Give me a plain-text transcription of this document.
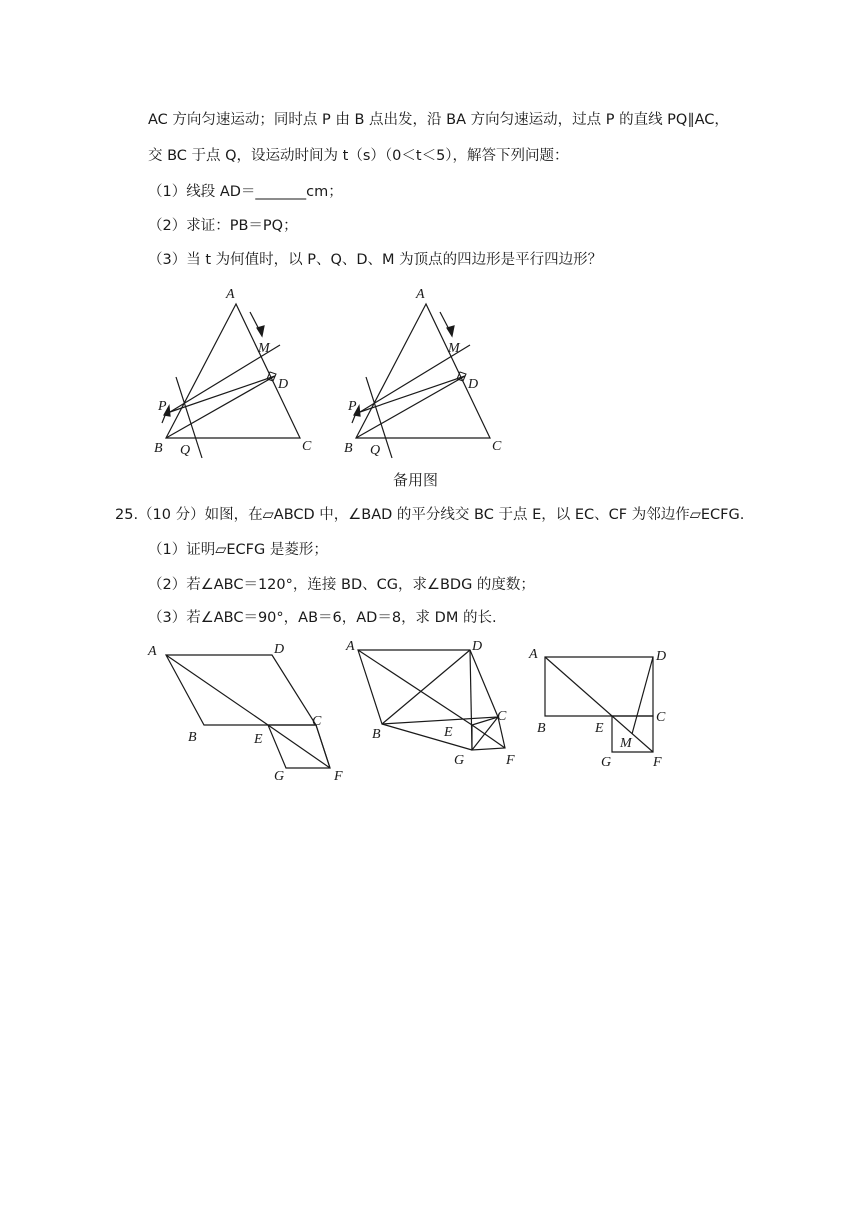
AC 方向匀速运动；同时点 P 由 B 点出发，沿 BA 方向匀速运动，过点 P 的直线 PQ∥AC，
交 BC 于点 Q，设运动时间为 t（s）（0＜t＜5），解答下列问题：
（1）线段 AD＝_______cm；
（2）求证：PB＝PQ；
（3）当 t 为何值时，以 P、Q、D、M 为顶点的四边形是平行四边形？
A
M
D
P
B Q	C
A
M
D
P
B Q	C
备用图
25.（10 分）如图，在▱ABCD 中，∠BAD 的平分线交 BC 于点 E，以 EC、CF 为邻边作▱ECFG.
（1）证明▱ECFG 是菱形；
（2）若∠ABC＝120°，连接 BD、CG，求∠BDG 的度数；
（3）若∠ABC＝90°，AB＝6，AD＝8，求 DM 的长.
A	D
B	E
C
G	F
A	D
B	E
C
G	F
A	D
B	E
C
M
G	F
